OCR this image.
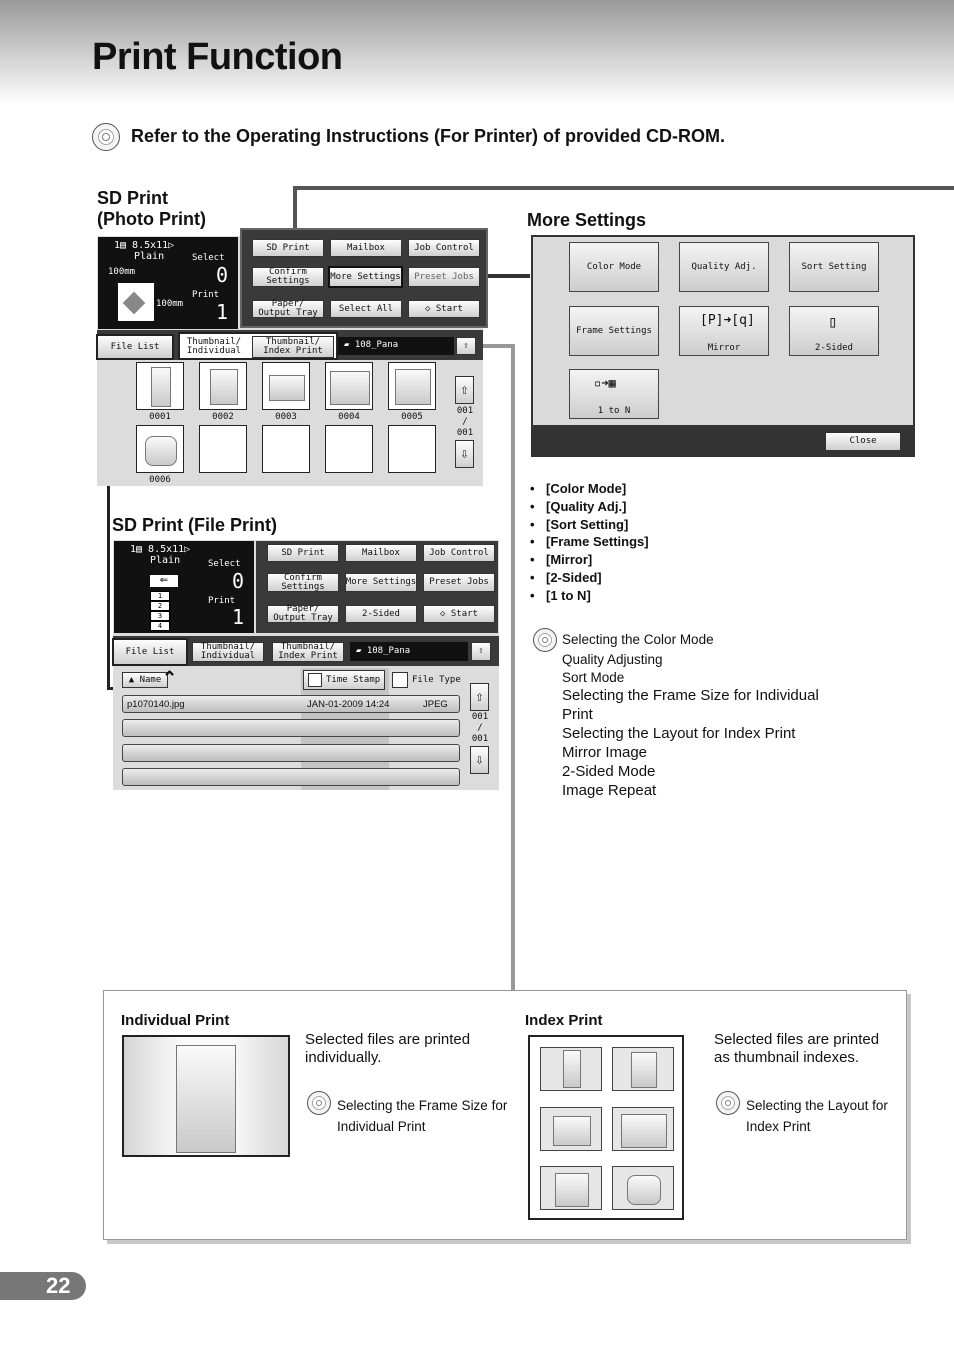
Print Function
Refer to the Operating Instructions (For Printer) of provided CD-ROM.
SD Print
(Photo Print)
1▤ 8.5x11▷
Plain
100mm
100mm
Select
0
Print
1
SD Print	Mailbox	Job Control
Confirm
Settings	More Settings	Preset Jobs
Paper/
Output Tray	Select All	◇ Start
File List	Thumbnail/
Individual
Thumbnail/
Index Print
▰ 108_Pana	⇧
0001	0002	0003	0004	0005
0006
⇧
001
/
001
⇩
More Settings
Color Mode	Quality Adj.	Sort Setting
Frame Settings
[P]➜[q]
Mirror
▯
2-Sided
▫➜▦
1 to N
Close
• [Color Mode]
• [Quality Adj.]
• [Sort Setting]
• [Frame Settings]
• [Mirror]
• [2-Sided]
• [1 to N]
Selecting the Color Mode
Quality Adjusting
Sort Mode
Selecting the Frame Size for Individual
Print
Selecting the Layout for Index Print
Mirror Image
2-Sided Mode
Image Repeat
SD Print (File Print)
1▤ 8.5x11▷
Plain
⇐
1
2
3
4
Select
0
Print
1
SD Print	Mailbox	Job Control
Confirm
Settings	More Settings	Preset Jobs
Paper/
Output Tray	2-Sided	◇ Start
File List	Thumbnail/
Individual
Thumbnail/
Index Print	▰ 108_Pana	⇧
▲ Name ⌃	Time Stamp	File Type
p1070140.jpg	JAN-01-2009 14:24	JPEG ⇧
001
/
001
⇩
Individual Print
Selected files are printed individually.
Selecting the Frame Size for
Individual Print
Index Print
Selected files are printed as thumbnail indexes.
Selecting the Layout for
Index Print
22
